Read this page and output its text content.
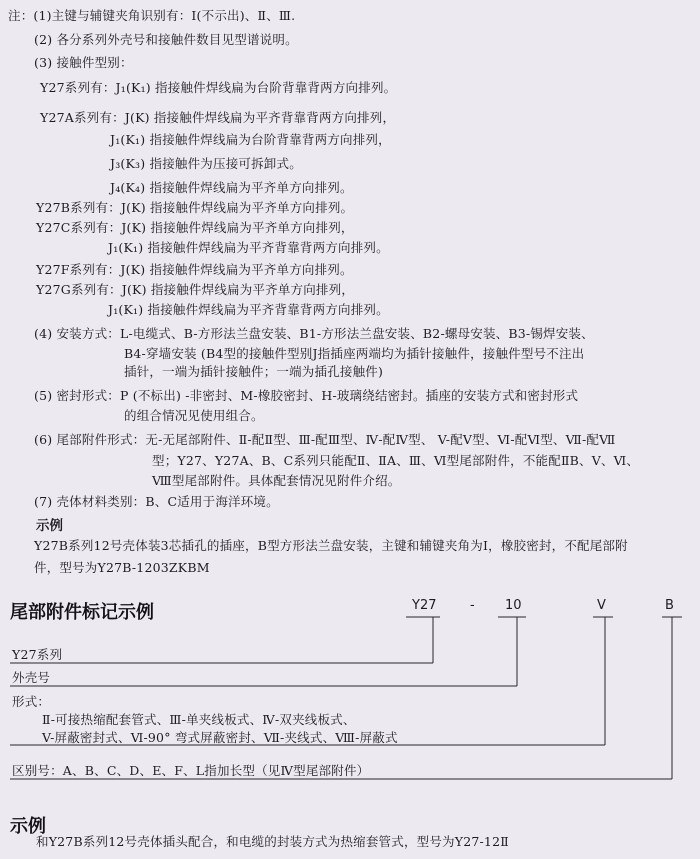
注：(1)主键与辅键夹角识别有：I(不示出)、Ⅱ、Ⅲ.
(2) 各分系列外壳号和接触件数目见型谱说明。
(3) 接触件型别：
Y27系列有：J₁(K₁) 指接触件焊线扁为台阶背靠背两方向排列。
Y27A系列有：J(K) 指接触件焊线扁为平齐背靠背两方向排列，
J₁(K₁) 指接触件焊线扁为台阶背靠背两方向排列，
J₃(K₃) 指接触件为压接可拆卸式。
J₄(K₄) 指接触件焊线扁为平齐单方向排列。
Y27B系列有：J(K) 指接触件焊线扁为平齐单方向排列。
Y27C系列有：J(K) 指接触件焊线扁为平齐单方向排列，
J₁(K₁) 指接触件焊线扁为平齐背靠背两方向排列。
Y27F系列有：J(K) 指接触件焊线扁为平齐单方向排列。
Y27G系列有：J(K) 指接触件焊线扁为平齐单方向排列，
J₁(K₁) 指接触件焊线扁为平齐背靠背两方向排列。
(4) 安装方式：L-电缆式、B-方形法兰盘安装、B1-方形法兰盘安装、B2-螺母安装、B3-锡焊安装、
B4-穿墙安装 (B4型的接触件型别J指插座两端均为插针接触件，接触件型号不注出
插针，一端为插针接触件；一端为插孔接触件)
(5) 密封形式：P (不标出) -非密封、M-橡胶密封、H-玻璃绕结密封。插座的安装方式和密封形式
的组合情况见使用组合。
(6) 尾部附件形式：无-无尾部附件、Ⅱ-配Ⅱ型、Ⅲ-配Ⅲ型、Ⅳ-配Ⅳ型、 V-配Ⅴ型、Ⅵ-配Ⅵ型、Ⅶ-配Ⅶ
型；Y27、Y27A、B、C系列只能配Ⅱ、ⅡA、Ⅲ、Ⅵ型尾部附件，不能配ⅡB、Ⅴ、Ⅵ、
Ⅷ型尾部附件。具体配套情况见附件介绍。
(7) 壳体材料类别：B、C适用于海洋环境。
示例
Y27B系列12号壳体装3芯插孔的插座，B型方形法兰盘安装，主键和辅键夹角为I，橡胶密封，不配尾部附
件，型号为Y27B-1203ZKBM
尾部附件标记示例	Y27	- 10	V	B
Y27系列
外壳号
形式：
Ⅱ-可接热缩配套管式、Ⅲ-单夹线板式、Ⅳ-双夹线板式、
V-屏蔽密封式、Ⅵ-90° 弯式屏蔽密封、Ⅶ-夹线式、Ⅷ-屏蔽式
区别号：A、B、C、D、E、F、L指加长型（见Ⅳ型尾部附件）
示例
和Y27B系列12号壳体插头配合，和电缆的封装方式为热缩套管式，型号为Y27-12Ⅱ
